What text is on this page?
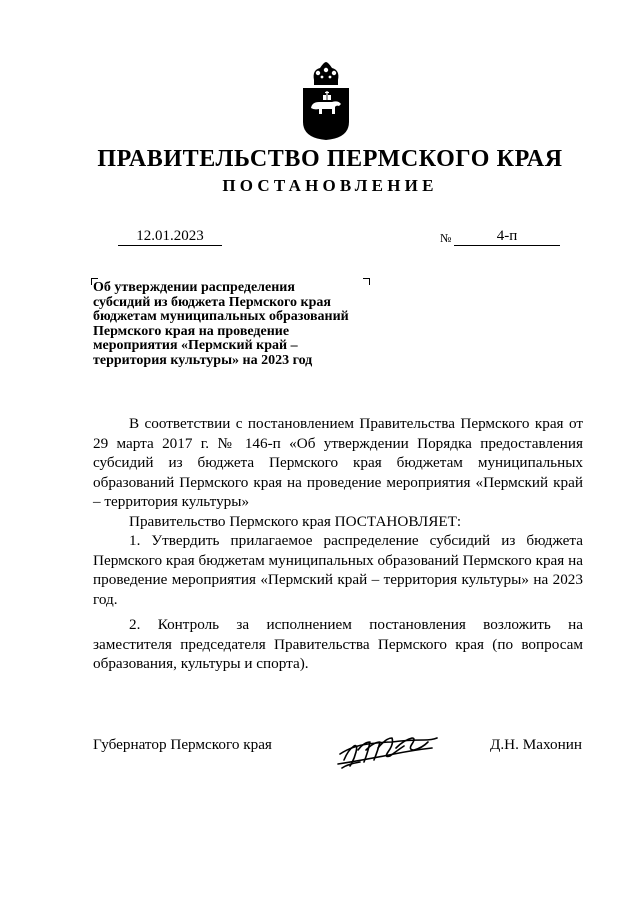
ПРАВИТЕЛЬСТВО ПЕРМСКОГО КРАЯ
ПОСТАНОВЛЕНИЕ
12.01.2023	№	4-п
Об утверждении распределения
субсидий из бюджета Пермского края
бюджетам муниципальных образований
Пермского края на проведение
мероприятия «Пермский край –
территория культуры» на 2023 год

В соответствии с постановлением Правительства Пермского края от 29 марта 2017 г. № 146-п «Об утверждении Порядка предоставления субсидий из бюджета Пермского края бюджетам муниципальных образований Пермского края на проведение мероприятия «Пермский край – территория культуры»

Правительство Пермского края ПОСТАНОВЛЯЕТ:

1. Утвердить прилагаемое распределение субсидий из бюджета Пермского края бюджетам муниципальных образований Пермского края на проведение мероприятия «Пермский край – территория культуры» на 2023 год.

2. Контроль за исполнением постановления возложить на заместителя председателя Правительства Пермского края (по вопросам образования, культуры и спорта).

Губернатор Пермского края	Д.Н. Махонин
